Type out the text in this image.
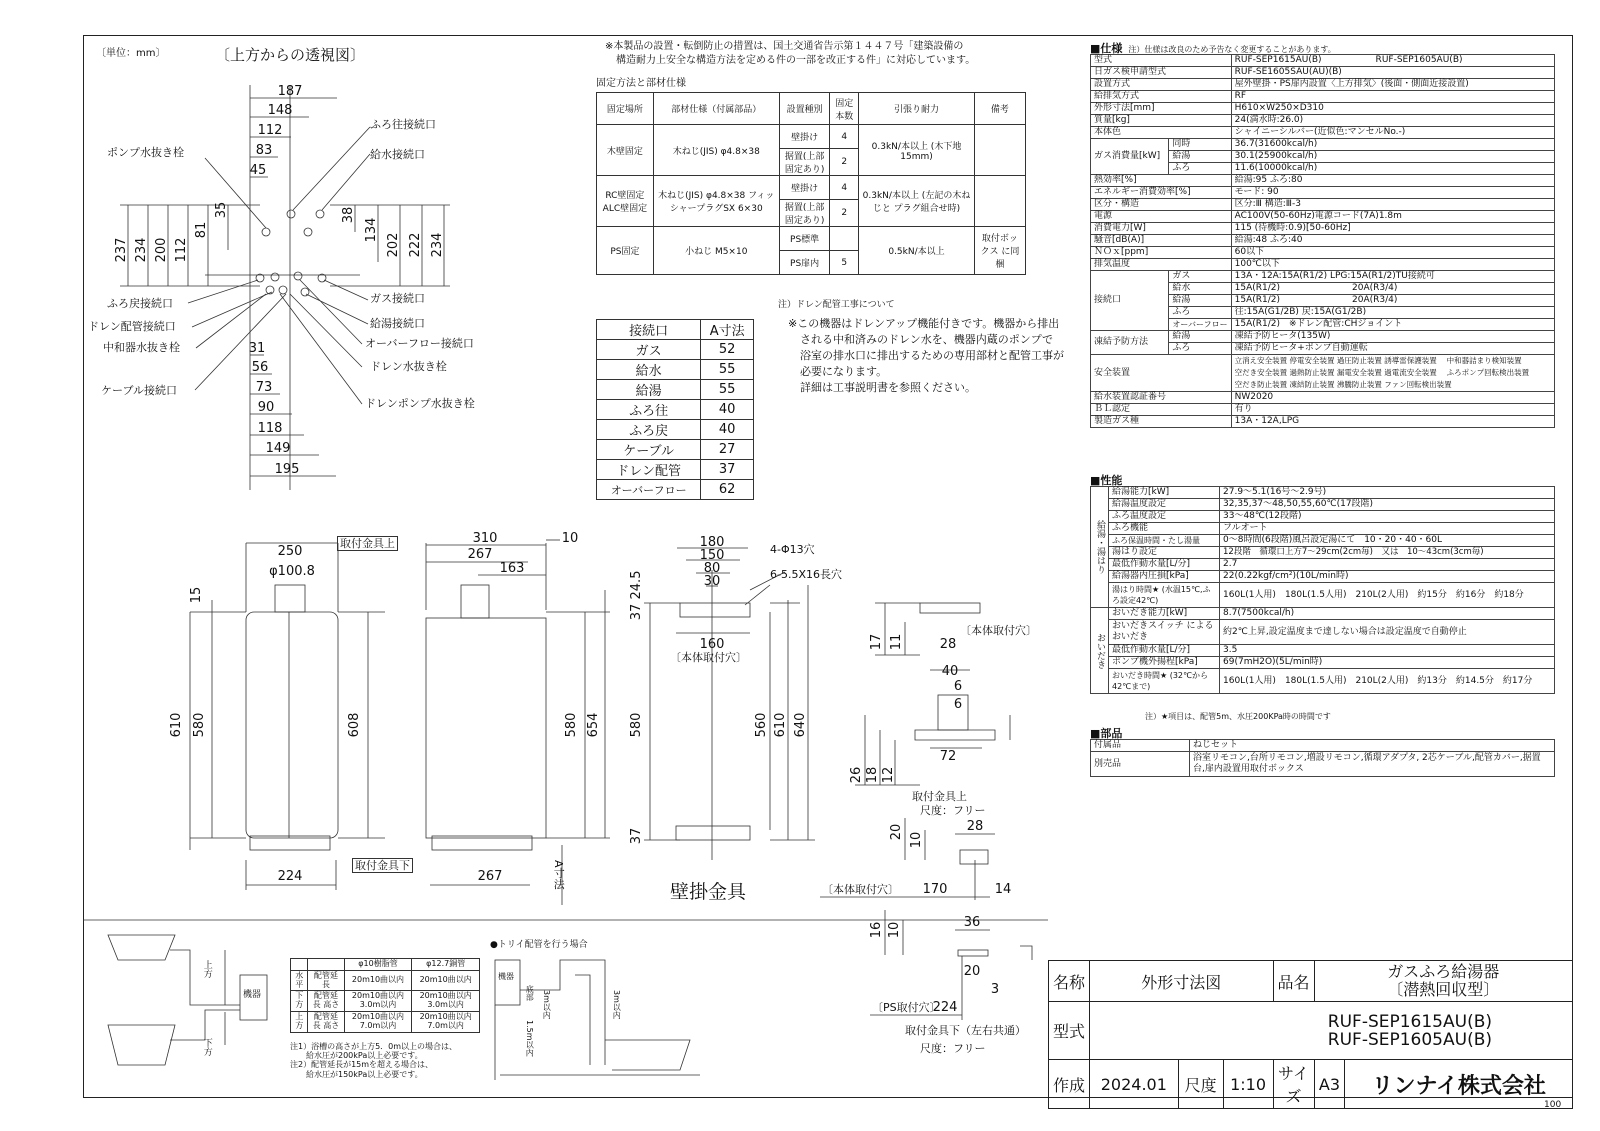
〔単位：mm〕	〔上方からの透視図〕
187
148
112
83
45
31
56
73
90
118
149
195
237 234 200 112
81
35	38
134
202 222 234
250
φ100.8
15
610 580	608
224
310	10
267
163
580 654
267
180
150
80
30
24.5
37
160
580	560 610 640
37
17 11	28
40
6
6
72
26 18 12
20 10
28
170	14
16 10	36
20
3
224
ポンプ水抜き栓
ふろ戻接続口
ドレン配管接続口
中和器水抜き栓
ケーブル接続口
ふろ往接続口
給水接続口
ガス接続口
給湯接続口
オーバーフロー接続口
ドレン水抜き栓
ドレンポンプ水抜き栓
取付金具上
取付金具下	A寸法
4-Φ13穴
6-5.5X16長穴
〔本体取付穴〕
壁掛金具
〔本体取付穴〕
取付金具上
尺度：フリー
〔本体取付穴〕
〔PS取付穴〕
取付金具下（左右共通）
尺度：フリー
※本製品の設置・転倒防止の措置は、国土交通省告示第１４４７号「建築設備の
構造耐力上安全な構造方法を定める件の一部を改正する件」に対応しています。
固定方法と部材仕様
固定場所	部材仕様（付属部品）	設置種別	固定本数	引張り耐力	備考
木壁固定	木ねじ(JIS) φ4.8×38	壁掛け	4	0.3kN/本以上 (木下地15mm)	
		据置(上部固定あり)	2		
RC壁固定 ALC壁固定	木ねじ(JIS) φ4.8×38 フィッシャープラグSX 6×30	壁掛け	4	0.3kN/本以上 (左記の木ねじと プラグ組合せ時)	
		据置(上部固定あり)	2		
PS固定	小ねじ M5×10	PS標準		0.5kN/本以上	取付ボックス に同梱
		PS扉内	5		
注）ドレン配管工事について
※この機器はドレンアップ機能付きです。機器から排出
される中和済みのドレン水を、機器内蔵のポンプで
浴室の排水口に排出するための専用部材と配管工事が
必要になります。
詳細は工事説明書を参照ください。
接続口	A寸法
ガス	52
給水	55
給湯	55
ふろ往	40
ふろ戻	40
ケーブル	27
ドレン配管	37
オーバーフロー	62
■仕様 注）仕様は改良のため予告なく変更することがあります。
型式		RUF-SEP1615AU(B)　　　　　　RUF-SEP1605AU(B)
日ガス検申請型式		RUF-SE1605SAU(AU)(B)
設置方式		屋外壁掛・PS扉内設置〈上方排気〉(後面・側面近接設置)
給排気方式		RF
外形寸法[mm]		H610×W250×D310
質量[kg]		24(満水時:26.0)
本体色		シャイニーシルバー(近似色:マンセルNo.-)
ガス消費量[kW]	同時	36.7(31600kcal/h)
	給湯	30.1(25900kcal/h)
	ふろ	11.6(10000kcal/h)
熱効率[%]		給湯:95 ふろ:80
エネルギー消費効率[%]		モード: 90
区分・構造		区分:Ⅲ 構造:Ⅲ-3
電源		AC100V(50-60Hz)電源コード(7A)1.8m
消費電力[W]		115 (待機時:0.9)[50-60Hz]
騒音[dB(A)]		給湯:48 ふろ:40
ＮＯｘ[ppm]		60以下
排気温度		100℃以下
接続口	ガス	13A・12A:15A(R1/2) LPG:15A(R1/2)TU接続可
	給水	15A(R1/2)　　　　　　　　20A(R3/4)
	給湯	15A(R1/2)　　　　　　　　20A(R3/4)
	ふろ	往:15A(G1/2B) 戻:15A(G1/2B)
	オーバーフロー	15A(R1/2)　※ドレン配管:CHジョイント
凍結予防方法	給湯	凍結予防ヒータ(135W)
	ふろ	凍結予防ヒータ+ポンプ自動運転
安全装置		立消え安全装置 停電安全装置 過圧防止装置 誘導雷保護装置　 中和器詰まり検知装置
空だき安全装置 過熱防止装置 漏電安全装置 過電流安全装置　 ふろポンプ回転検出装置
空だき防止装置 凍結防止装置 沸騰防止装置 ファン回転検出装置

給水装置認証番号		NW2020
ＢＬ認定		有り
製造ガス種		13A・12A,LPG
■性能
給湯・湯はり	給湯能力[kW]	27.9～5.1(16号～2.9号)
	給湯温度設定	32,35,37～48,50,55,60℃(17段階)
	ふろ温度設定	33～48℃(12段階)
	ふろ機能	フルオート
	ふろ保温時間・たし湯量	0～8時間(6段階)風呂設定湯にて　10・20・40・60L
	湯はり設定	12段階　循環口上方7～29cm(2cm毎)　又は　10～43cm(3cm毎)
	最低作動水量[L/分]	2.7
	給湯器内圧損[kPa]	22(0.22kgf/cm²)(10L/min時)
	湯はり時間★ (水温15℃,ふろ設定42℃)	160L(1人用)　180L(1.5人用)　210L(2人用)　約15分　約16分　約18分
おいだき	おいだき能力[kW]	8.7(7500kcal/h)
	おいだきスイッチ によるおいだき	約2℃上昇,設定温度まで達しない場合は設定温度で自動停止
	最低作動水量[L/分]	3.5
	ポンプ機外揚程[kPa]	69(7mH2O)(5L/min時)
	おいだき時間★ (32℃から42℃まで)	160L(1人用)　180L(1.5人用)　210L(2人用)　約13分　約14.5分　約17分
注）★項目は、配管5m、水圧200KPa時の時間です
■部品
付属品	ねじセット
別売品	浴室リモコン,台所リモコン,増設リモコン,循環アダプタ, 2芯ケーブル,配管カバー,据置台,扉内設置用取付ボックス
上方
下方
機器
		φ10樹脂管	φ12.7銅管
水平	配管延長	20m10曲以内	20m10曲以内
下方	配管延長 高さ	20m10曲以内 3.0m以内	20m10曲以内 3.0m以内
上方	配管延長 高さ	20m10曲以内 7.0m以内	20m10曲以内 7.0m以内
注1）浴槽の高さが上方5．0m以上の場合は、
　　給水圧が200kPa以上必要です。
注2）配管延長が15mを超える場合は、
　　給水圧が150kPa以上必要です。
●トリイ配管を行う場合
機器
底部
1.5m以内
3m以内	3m以内
名称	外形寸法図			品名	ガスふろ給湯器
〔潜熱回収型〕	

型式	RUF-SEP1615AU(B)
RUF-SEP1605AU(B)					

作成	2024.01	尺度	1:10	サイズ	A3	リンナイ株式会社
100
